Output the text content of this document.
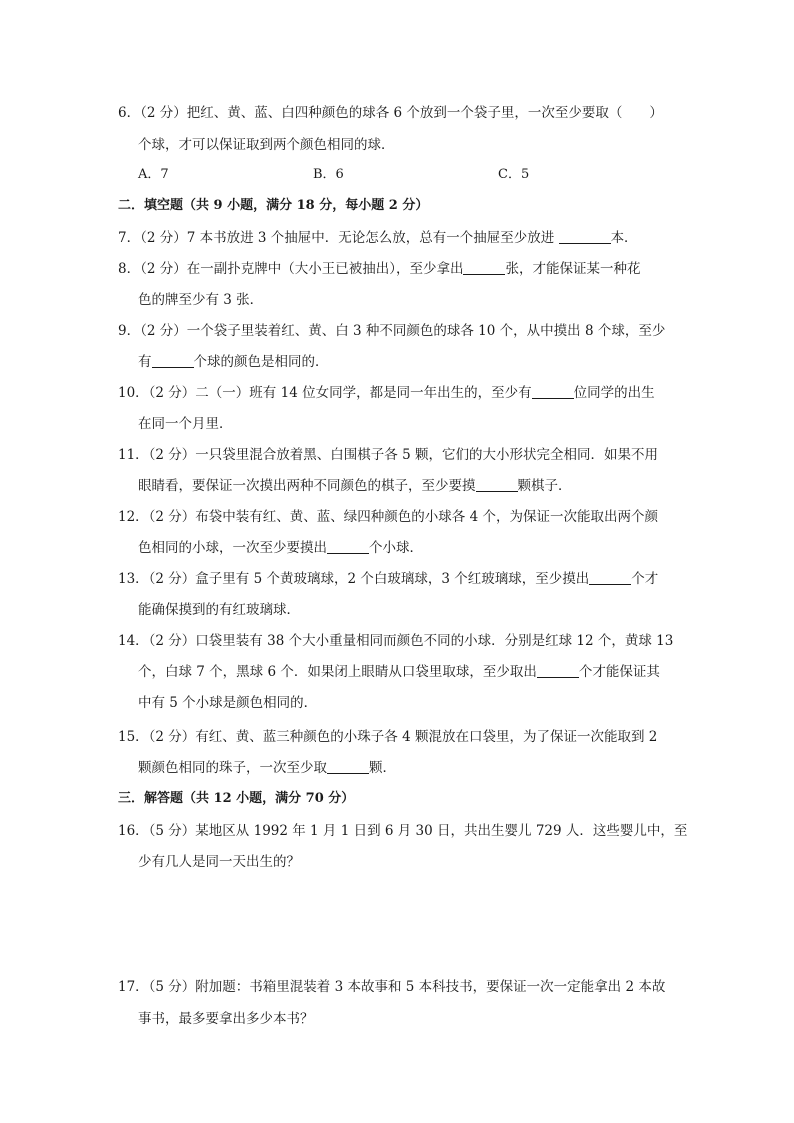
6．（2 分）把红、黄、蓝、白四种颜色的球各 6 个放到一个袋子里，一次至少要取（　　）
个球，才可以保证取到两个颜色相同的球．
A．7	B．6	C．5
二．填空题（共 9 小题，满分 18 分，每小题 2 分）
7．（2 分）7 本书放进 3 个抽屉中．无论怎么放，总有一个抽屉至少放进	本．
8．（2 分）在一副扑克牌中（大小王已被抽出），至少拿出	张，才能保证某一种花
色的牌至少有 3 张．
9．（2 分）一个袋子里装着红、黄、白 3 种不同颜色的球各 10 个，从中摸出 8 个球，至少
有	个球的颜色是相同的．
10．（2 分）二（一）班有 14 位女同学，都是同一年出生的，至少有	位同学的出生
在同一个月里．
11．（2 分）一只袋里混合放着黑、白围棋子各 5 颗，它们的大小形状完全相同．如果不用
眼睛看，要保证一次摸出两种不同颜色的棋子，至少要摸	颗棋子．
12．（2 分）布袋中装有红、黄、蓝、绿四种颜色的小球各 4 个，为保证一次能取出两个颜
色相同的小球，一次至少要摸出	个小球．
13．（2 分）盒子里有 5 个黄玻璃球，2 个白玻璃球，3 个红玻璃球，至少摸出	个才
能确保摸到的有红玻璃球．
14．（2 分）口袋里装有 38 个大小重量相同而颜色不同的小球．分别是红球 12 个，黄球 13
个，白球 7 个，黑球 6 个．如果闭上眼睛从口袋里取球，至少取出	个才能保证其
中有 5 个小球是颜色相同的．
15．（2 分）有红、黄、蓝三种颜色的小珠子各 4 颗混放在口袋里，为了保证一次能取到 2
颗颜色相同的珠子，一次至少取	颗．
三．解答题（共 12 小题，满分 70 分）
16．（5 分）某地区从 1992 年 1 月 1 日到 6 月 30 日，共出生婴儿 729 人．这些婴儿中，至
少有几人是同一天出生的？
17．（5 分）附加题：书箱里混装着 3 本故事和 5 本科技书，要保证一次一定能拿出 2 本故
事书，最多要拿出多少本书？
